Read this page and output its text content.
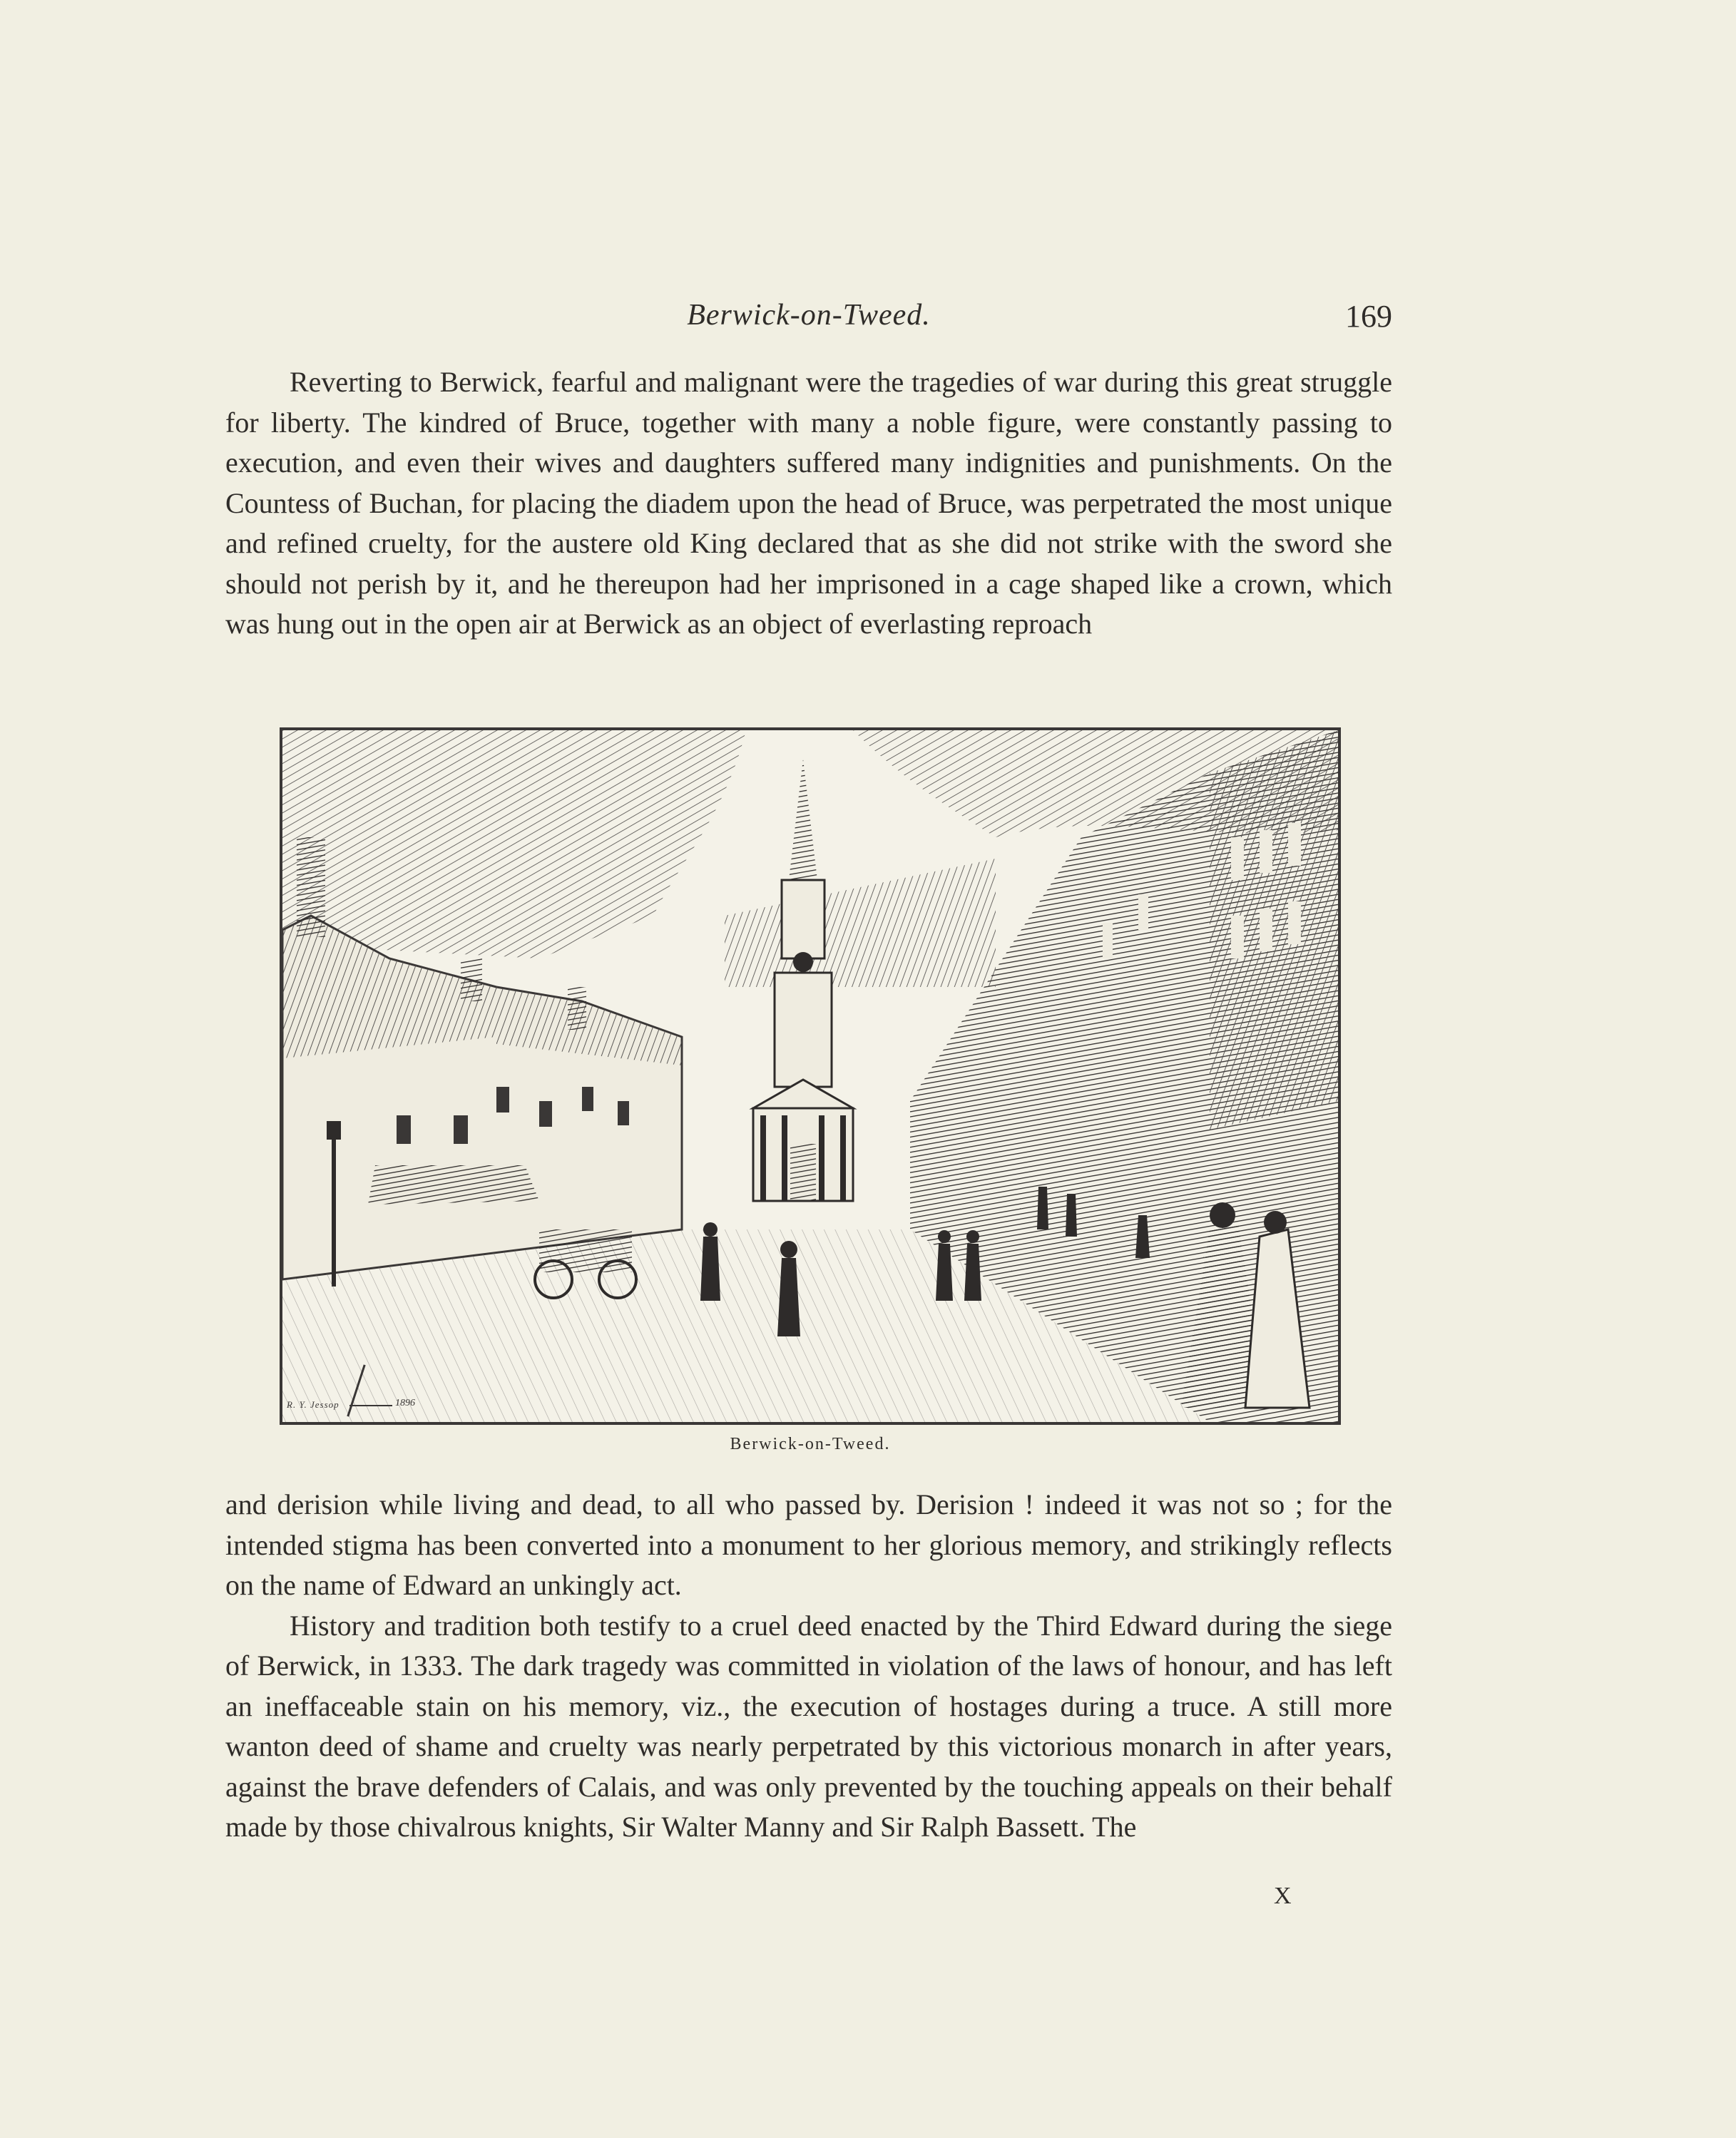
Berwick-on-Tweed.	169

Reverting to Berwick, fearful and malignant were the tragedies of war during this great struggle for liberty. The kindred of Bruce, together with many a noble figure, were constantly passing to execution, and even their wives and daughters suffered many indignities and punishments. On the Countess of Buchan, for placing the diadem upon the head of Bruce, was perpetrated the most unique and refined cruelty, for the austere old King declared that as she did not strike with the sword she should not perish by it, and he thereupon had her imprisoned in a cage shaped like a crown, which was hung out in the open air at Berwick as an object of everlasting reproach

R. Y. Jessop	1896
Berwick-on-Tweed.

and derision while living and dead, to all who passed by. Derision ! indeed it was not so ; for the intended stigma has been converted into a monument to her glorious memory, and strikingly reflects on the name of Edward an unkingly act.

History and tradition both testify to a cruel deed enacted by the Third Edward during the siege of Berwick, in 1333. The dark tragedy was committed in violation of the laws of honour, and has left an ineffaceable stain on his memory, viz., the execution of hostages during a truce. A still more wanton deed of shame and cruelty was nearly perpetrated by this victorious monarch in after years, against the brave defenders of Calais, and was only prevented by the touching appeals on their behalf made by those chivalrous knights, Sir Walter Manny and Sir Ralph Bassett. The

X
